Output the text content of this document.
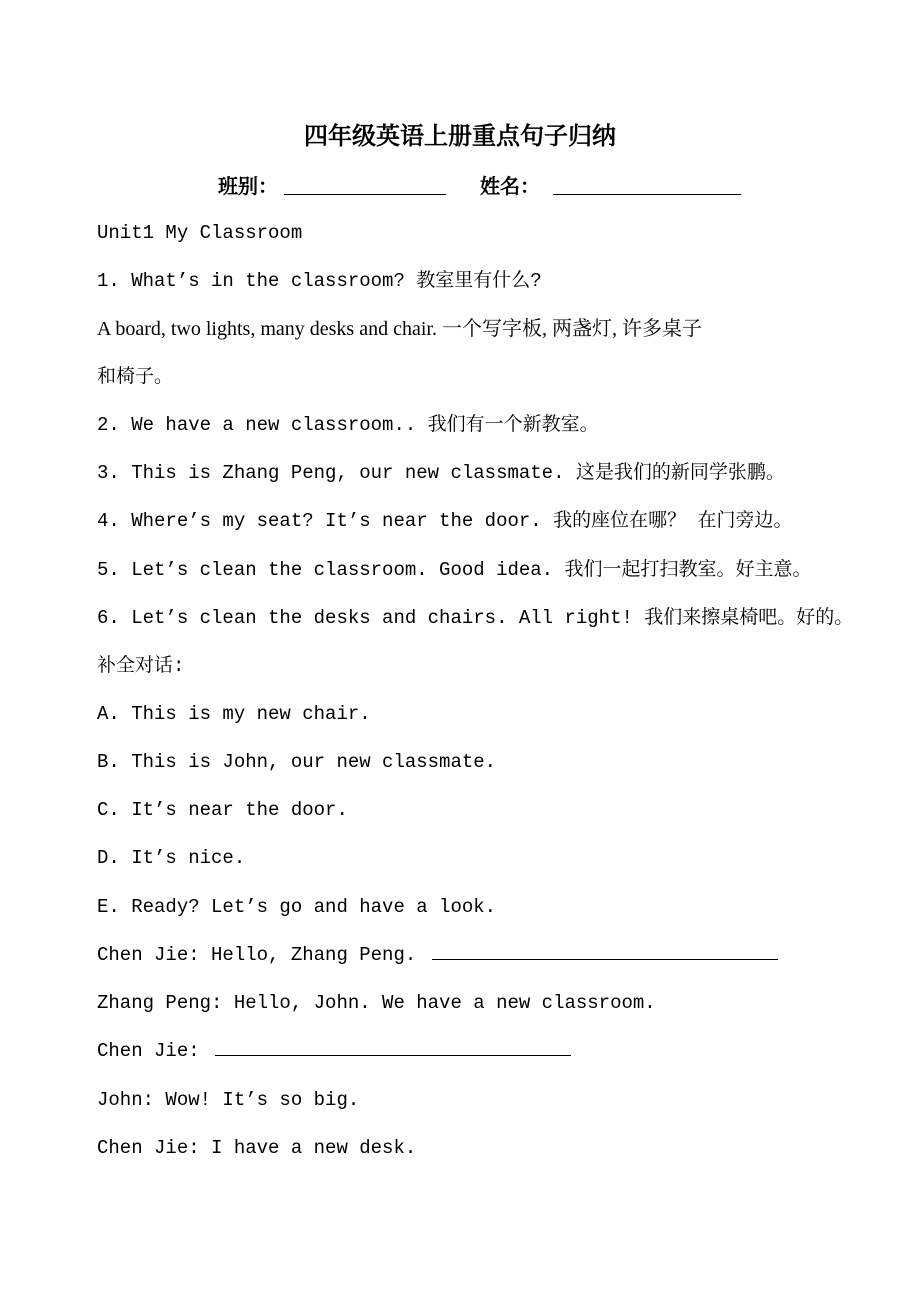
四年级英语上册重点句子归纳
班别：	姓名：
Unit1 My Classroom
1. What’s in the classroom? 教室里有什么?
A board, two lights, many desks and chair. 一个写字板, 两盏灯, 许多桌子
和椅子。
2. We have a new classroom.. 我们有一个新教室。
3. This is Zhang Peng, our new classmate. 这是我们的新同学张鹏。
4. Where’s my seat? It’s near the door. 我的座位在哪？ 在门旁边。
5. Let’s clean the classroom. Good idea. 我们一起打扫教室。好主意。
6. Let’s clean the desks and chairs. All right! 我们来擦桌椅吧。好的。
补全对话:
A. This is my new chair.
B. This is John, our new classmate.
C. It’s near the door.
D. It’s nice.
E. Ready? Let’s go and have a look.
Chen Jie: Hello, Zhang Peng.
Zhang Peng: Hello, John. We have a new classroom.
Chen Jie:
John: Wow! It’s so big.
Chen Jie: I have a new desk.
